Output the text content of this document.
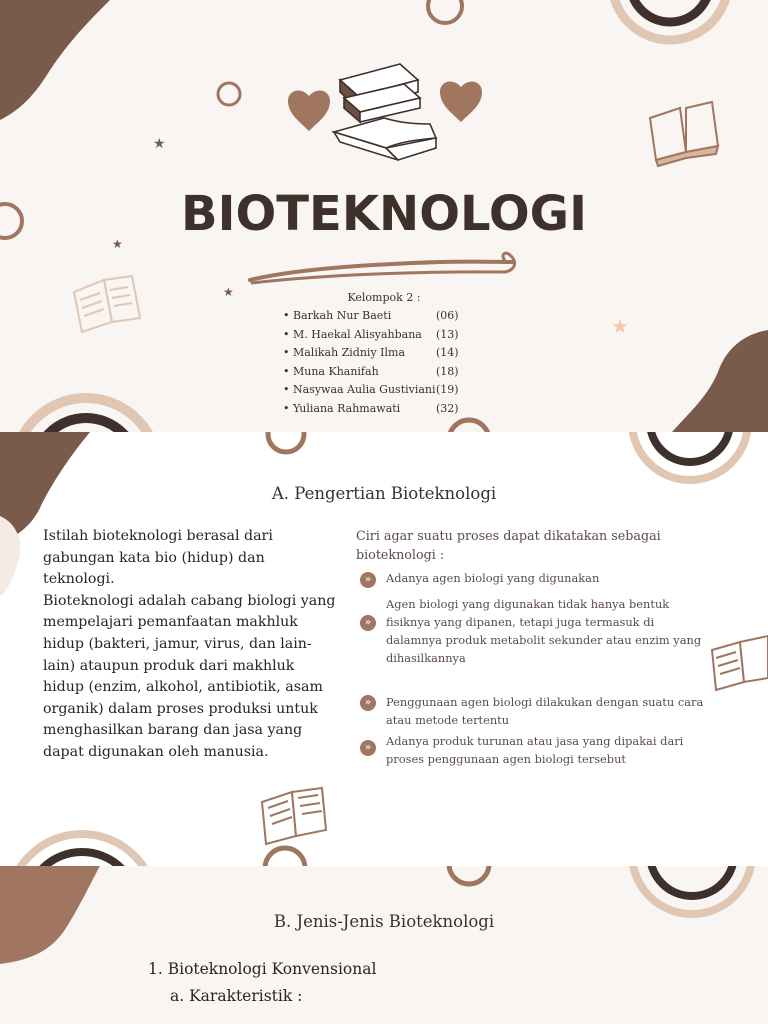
★
★
★
★
BIOTEKNOLOGI
Kelompok 2 :
• Barkah Nur Baeti	(06)
• M. Haekal Alisyahbana (13)
• Malikah Zidniy Ilma	(14)
• Muna Khanifah	(18)
• Nasywaa Aulia Gustiviani (19)
• Yuliana Rahmawati	(32)
A. Pengertian Bioteknologi

Istilah bioteknologi berasal dari gabungan kata bio (hidup) dan teknologi.

Bioteknologi adalah cabang biologi yang mempelajari pemanfaatan makhluk hidup (bakteri, jamur, virus, dan lain-lain) ataupun produk dari makhluk hidup (enzim, alkohol, antibiotik, asam organik) dalam proses produksi untuk menghasilkan barang dan jasa yang dapat digunakan oleh manusia.

Ciri agar suatu proses dapat dikatakan sebagai bioteknologi :
»	Adanya agen biologi yang digunakan
»
Agen biologi yang digunakan tidak hanya bentuk fisiknya yang dipanen, tetapi juga termasuk di dalamnya produk metabolit sekunder atau enzim yang dihasilkannya
»	Penggunaan agen biologi dilakukan dengan suatu cara atau metode tertentu
»	Adanya produk turunan atau jasa yang dipakai dari proses penggunaan agen biologi tersebut
B. Jenis-Jenis Bioteknologi
1. Bioteknologi Konvensional
a. Karakteristik :
